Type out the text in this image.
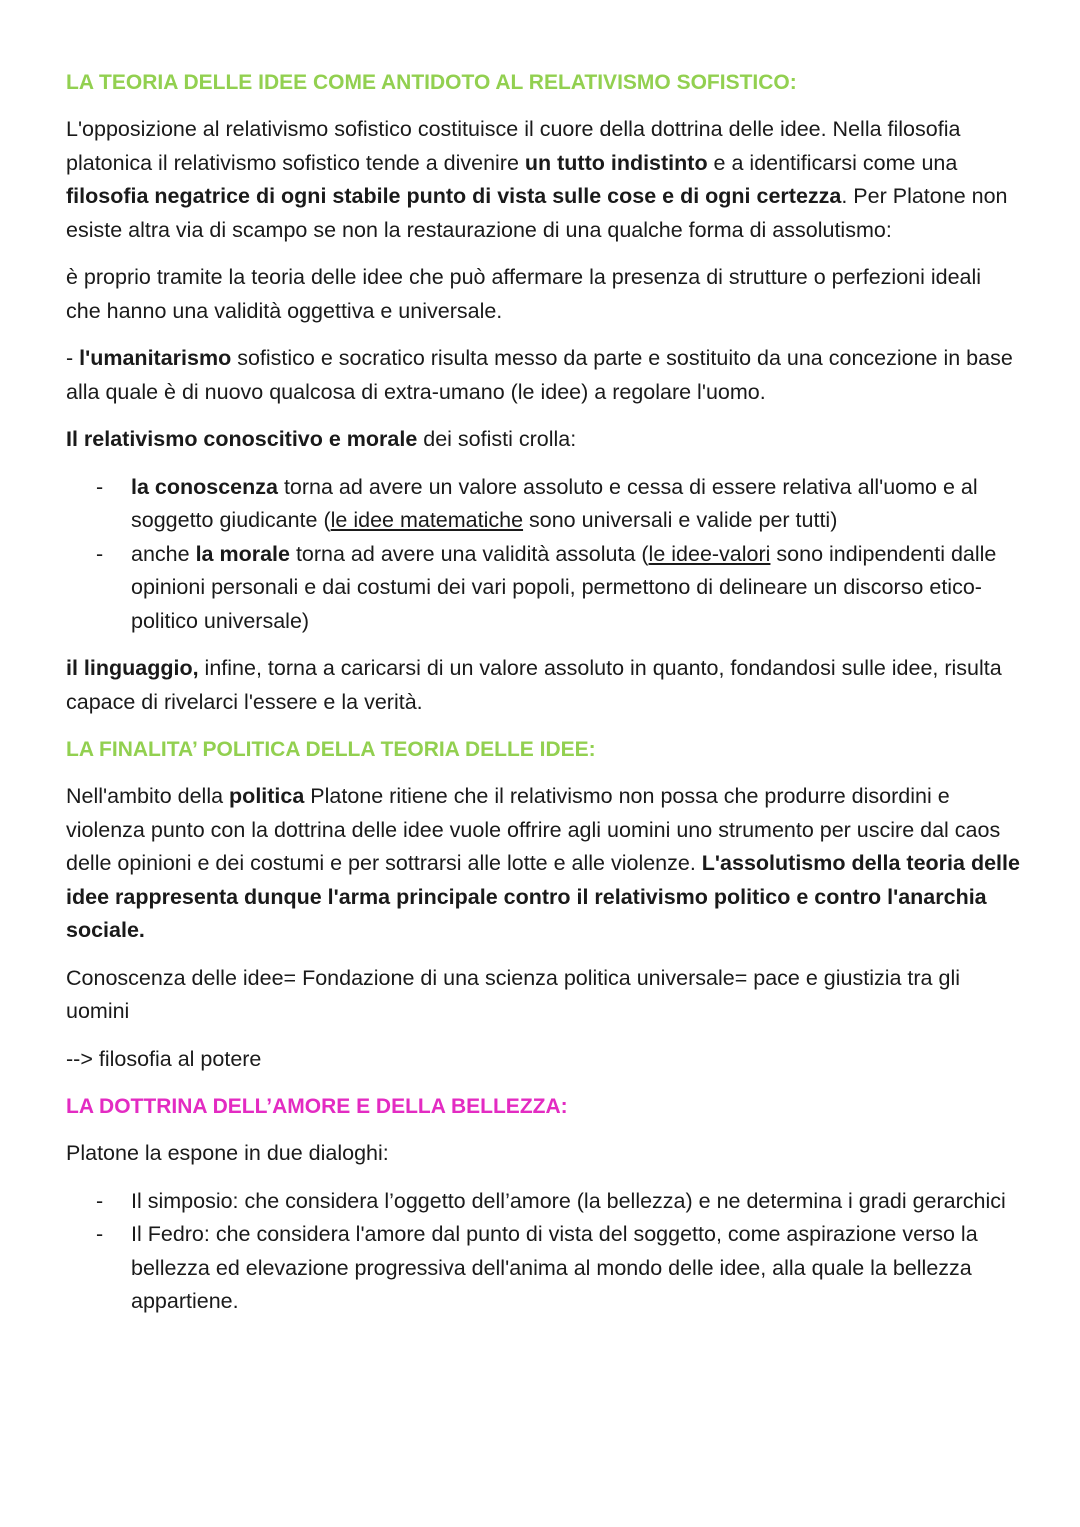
LA TEORIA DELLE IDEE COME ANTIDOTO AL RELATIVISMO SOFISTICO:

L'opposizione al relativismo sofistico costituisce il cuore della dottrina delle idee. Nella filosofia platonica il relativismo sofistico tende a divenire un tutto indistinto e a identificarsi come una filosofia negatrice di ogni stabile punto di vista sulle cose e di ogni certezza. Per Platone non esiste altra via di scampo se non la restaurazione di una qualche forma di assolutismo:

è proprio tramite la teoria delle idee che può affermare la presenza di strutture o perfezioni ideali che hanno una validità oggettiva e universale.

- l'umanitarismo sofistico e socratico risulta messo da parte e sostituito da una concezione in base alla quale è di nuovo qualcosa di extra-umano (le idee) a regolare l'uomo.

Il relativismo conoscitivo e morale dei sofisti crolla:

- la conoscenza torna ad avere un valore assoluto e cessa di essere relativa all'uomo e al soggetto giudicante (le idee matematiche sono universali e valide per tutti)
- anche la morale torna ad avere una validità assoluta (le idee-valori sono indipendenti dalle opinioni personali e dai costumi dei vari popoli, permettono di delineare un discorso etico-politico universale)

il linguaggio, infine, torna a caricarsi di un valore assoluto in quanto, fondandosi sulle idee, risulta capace di rivelarci l'essere e la verità.

LA FINALITA’ POLITICA DELLA TEORIA DELLE IDEE:

Nell'ambito della politica Platone ritiene che il relativismo non possa che produrre disordini e violenza punto con la dottrina delle idee vuole offrire agli uomini uno strumento per uscire dal caos delle opinioni e dei costumi e per sottrarsi alle lotte e alle violenze. L'assolutismo della teoria delle idee rappresenta dunque l'arma principale contro il relativismo politico e contro l'anarchia sociale.

Conoscenza delle idee= Fondazione di una scienza politica universale= pace e giustizia tra gli uomini

--> filosofia al potere

LA DOTTRINA DELL’AMORE E DELLA BELLEZZA:

Platone la espone in due dialoghi:

- Il simposio: che considera l’oggetto dell’amore (la bellezza) e ne determina i gradi gerarchici
- Il Fedro: che considera l'amore dal punto di vista del soggetto, come aspirazione verso la bellezza ed elevazione progressiva dell'anima al mondo delle idee, alla quale la bellezza appartiene.
